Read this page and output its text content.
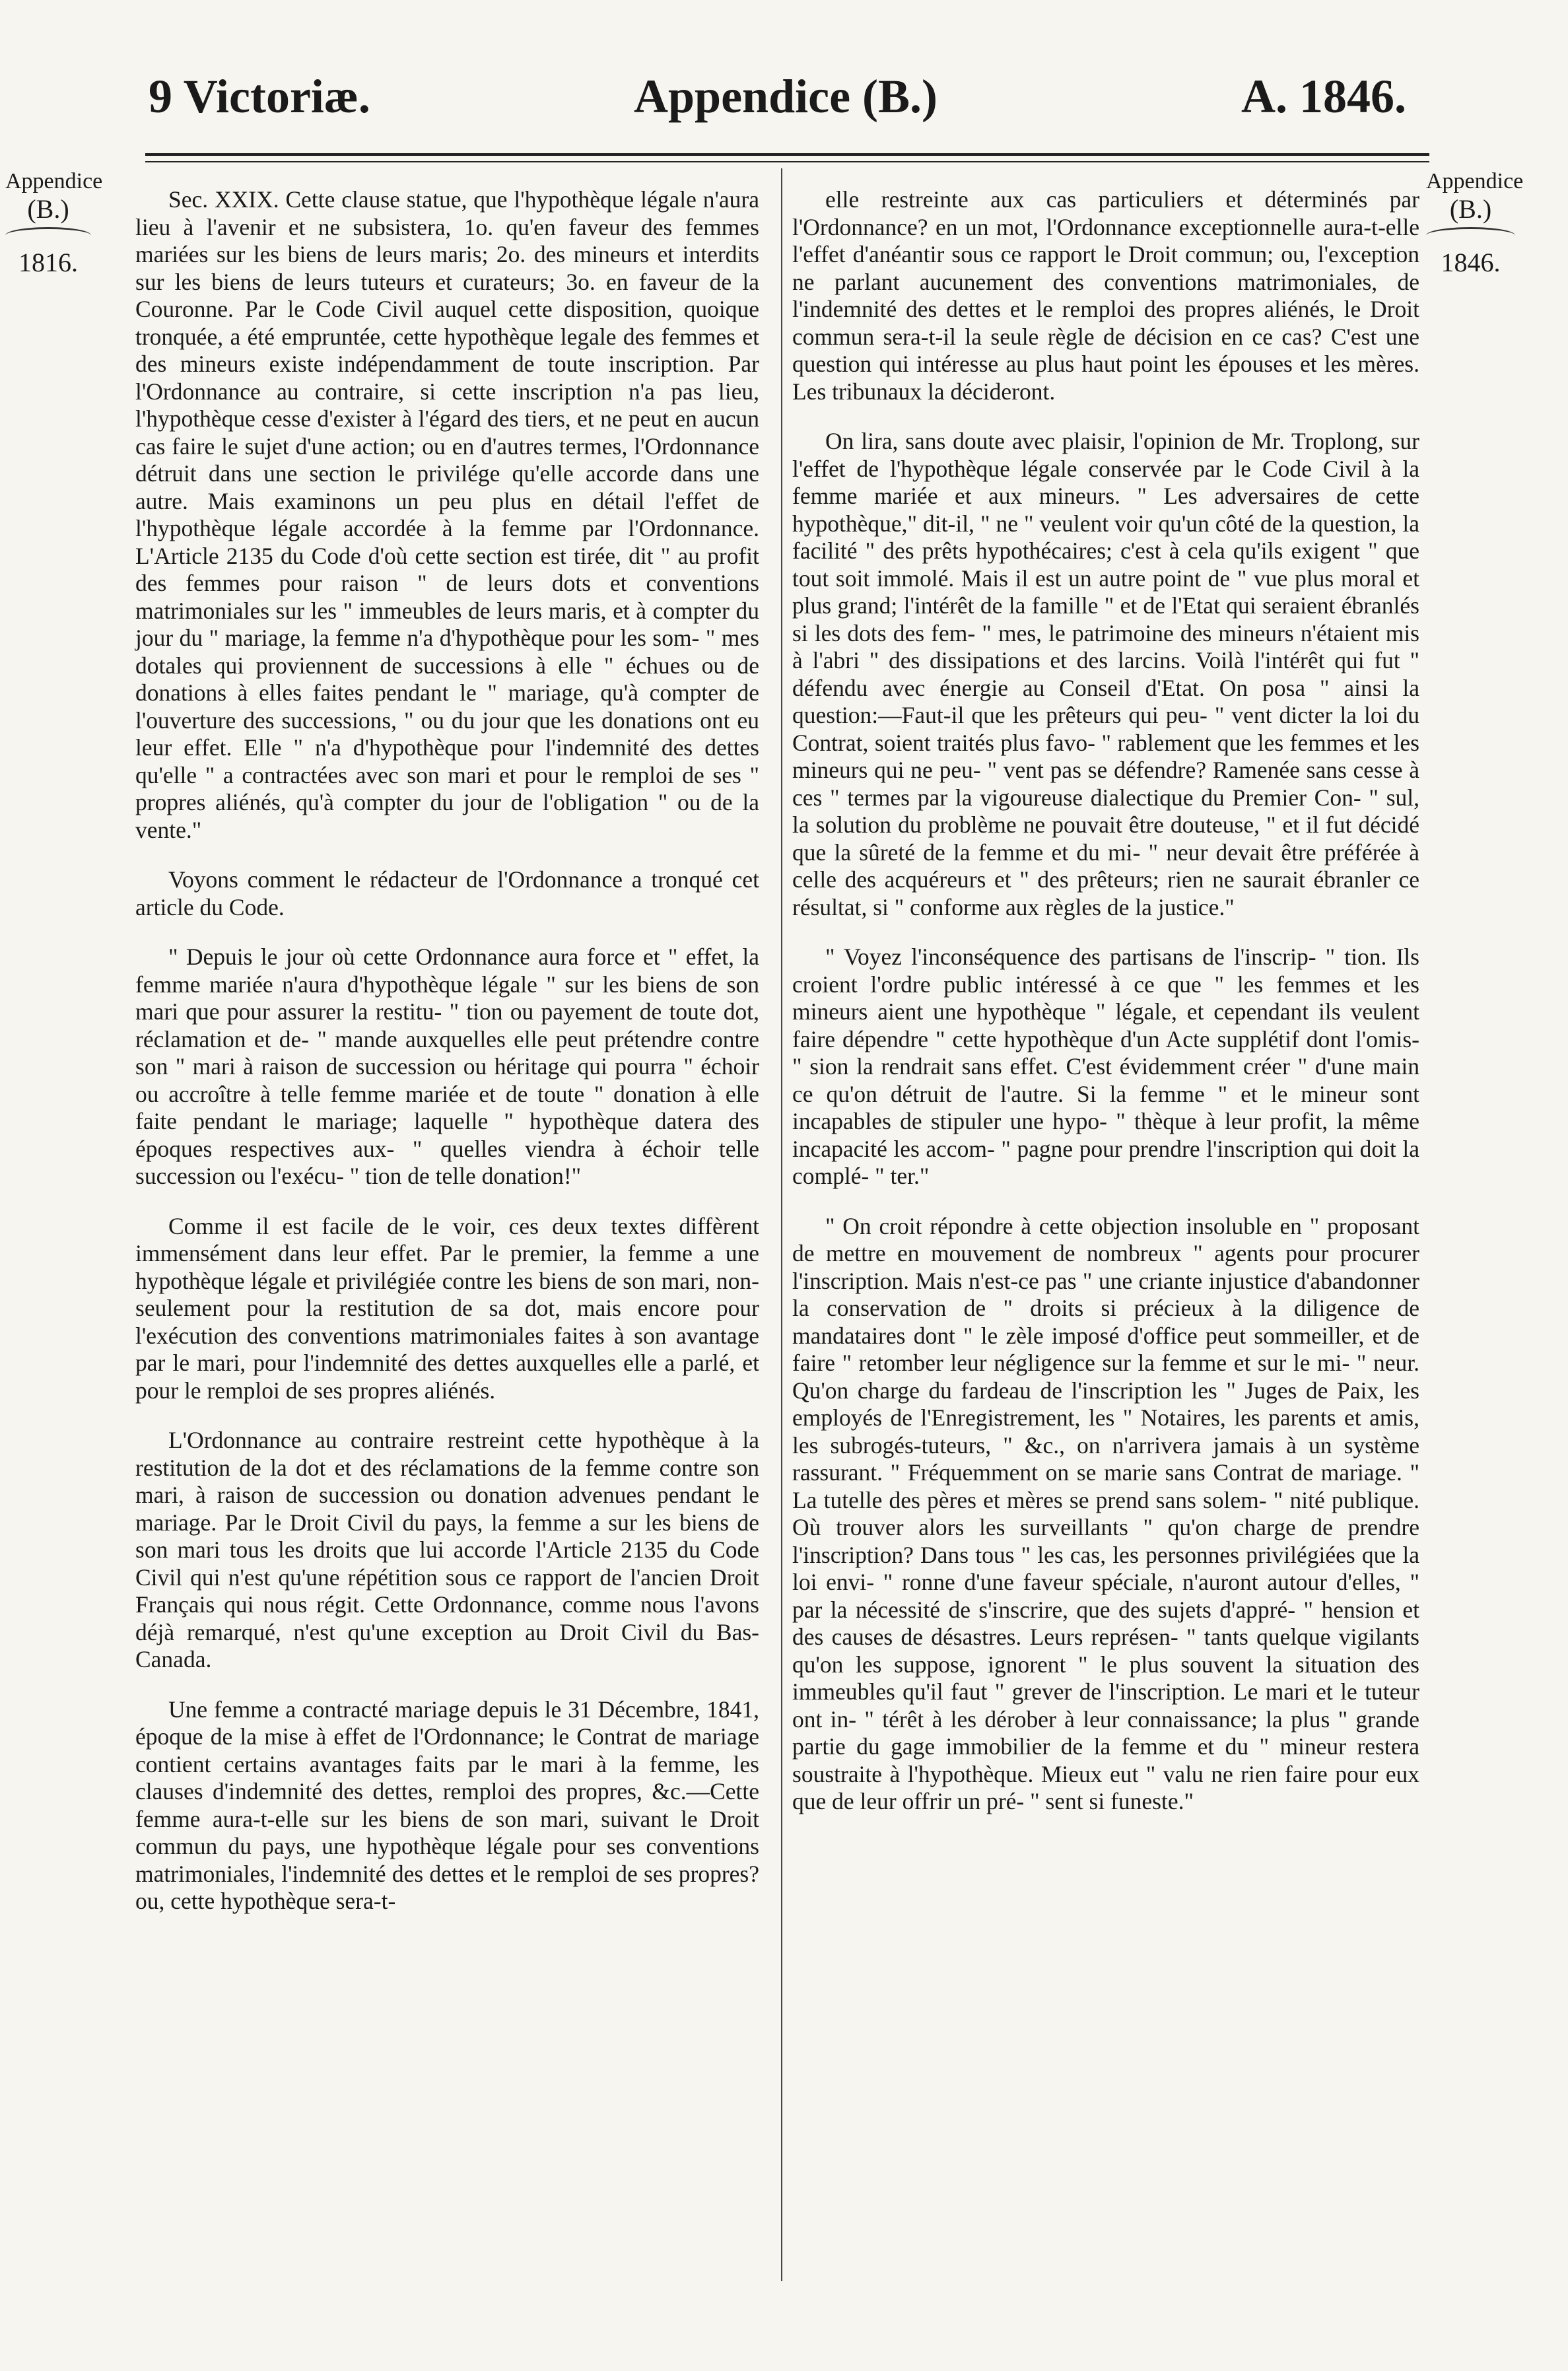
9 Victoriæ.	Appendice (B.)	A. 1846.
Appendice
(B.)
1816.
Appendice
(B.)
1846.

Sec. XXIX. Cette clause statue, que l'hypothèque légale n'aura lieu à l'avenir et ne subsistera, 1o. qu'en faveur des femmes mariées sur les biens de leurs maris; 2o. des mineurs et interdits sur les biens de leurs tuteurs et curateurs; 3o. en faveur de la Couronne. Par le Code Civil auquel cette disposition, quoique tronquée, a été empruntée, cette hypothèque legale des femmes et des mineurs existe indépendamment de toute inscription. Par l'Ordonnance au contraire, si cette inscription n'a pas lieu, l'hypothèque cesse d'exister à l'égard des tiers, et ne peut en aucun cas faire le sujet d'une action; ou en d'autres termes, l'Ordonnance détruit dans une section le privilége qu'elle accorde dans une autre. Mais examinons un peu plus en détail l'effet de l'hypothèque légale accordée à la femme par l'Ordonnance. L'Article 2135 du Code d'où cette section est tirée, dit " au profit des femmes pour raison " de leurs dots et conventions matrimoniales sur les " immeubles de leurs maris, et à compter du jour du " mariage, la femme n'a d'hypothèque pour les som- " mes dotales qui proviennent de successions à elle " échues ou de donations à elles faites pendant le " mariage, qu'à compter de l'ouverture des successions, " ou du jour que les donations ont eu leur effet. Elle " n'a d'hypothèque pour l'indemnité des dettes qu'elle " a contractées avec son mari et pour le remploi de ses " propres aliénés, qu'à compter du jour de l'obligation " ou de la vente."

Voyons comment le rédacteur de l'Ordonnance a tronqué cet article du Code.

" Depuis le jour où cette Ordonnance aura force et " effet, la femme mariée n'aura d'hypothèque légale " sur les biens de son mari que pour assurer la restitu- " tion ou payement de toute dot, réclamation et de- " mande auxquelles elle peut prétendre contre son " mari à raison de succession ou héritage qui pourra " échoir ou accroître à telle femme mariée et de toute " donation à elle faite pendant le mariage; laquelle " hypothèque datera des époques respectives aux- " quelles viendra à échoir telle succession ou l'exécu- " tion de telle donation!"

Comme il est facile de le voir, ces deux textes diffèrent immensément dans leur effet. Par le premier, la femme a une hypothèque légale et privilégiée contre les biens de son mari, non-seulement pour la restitution de sa dot, mais encore pour l'exécution des conventions matrimoniales faites à son avantage par le mari, pour l'indemnité des dettes auxquelles elle a parlé, et pour le remploi de ses propres aliénés.

L'Ordonnance au contraire restreint cette hypothèque à la restitution de la dot et des réclamations de la femme contre son mari, à raison de succession ou donation advenues pendant le mariage. Par le Droit Civil du pays, la femme a sur les biens de son mari tous les droits que lui accorde l'Article 2135 du Code Civil qui n'est qu'une répétition sous ce rapport de l'ancien Droit Français qui nous régit. Cette Ordonnance, comme nous l'avons déjà remarqué, n'est qu'une exception au Droit Civil du Bas-Canada.

Une femme a contracté mariage depuis le 31 Décembre, 1841, époque de la mise à effet de l'Ordonnance; le Contrat de mariage contient certains avantages faits par le mari à la femme, les clauses d'indemnité des dettes, remploi des propres, &c.—Cette femme aura-t-elle sur les biens de son mari, suivant le Droit commun du pays, une hypothèque légale pour ses conventions matrimoniales, l'indemnité des dettes et le remploi de ses propres? ou, cette hypothèque sera-t-

elle restreinte aux cas particuliers et déterminés par l'Ordonnance? en un mot, l'Ordonnance exceptionnelle aura-t-elle l'effet d'anéantir sous ce rapport le Droit commun; ou, l'exception ne parlant aucunement des conventions matrimoniales, de l'indemnité des dettes et le remploi des propres aliénés, le Droit commun sera-t-il la seule règle de décision en ce cas? C'est une question qui intéresse au plus haut point les épouses et les mères. Les tribunaux la décideront.

On lira, sans doute avec plaisir, l'opinion de Mr. Troplong, sur l'effet de l'hypothèque légale conservée par le Code Civil à la femme mariée et aux mineurs. " Les adversaires de cette hypothèque," dit-il, " ne " veulent voir qu'un côté de la question, la facilité " des prêts hypothécaires; c'est à cela qu'ils exigent " que tout soit immolé. Mais il est un autre point de " vue plus moral et plus grand; l'intérêt de la famille " et de l'Etat qui seraient ébranlés si les dots des fem- " mes, le patrimoine des mineurs n'étaient mis à l'abri " des dissipations et des larcins. Voilà l'intérêt qui fut " défendu avec énergie au Conseil d'Etat. On posa " ainsi la question:—Faut-il que les prêteurs qui peu- " vent dicter la loi du Contrat, soient traités plus favo- " rablement que les femmes et les mineurs qui ne peu- " vent pas se défendre? Ramenée sans cesse à ces " termes par la vigoureuse dialectique du Premier Con- " sul, la solution du problème ne pouvait être douteuse, " et il fut décidé que la sûreté de la femme et du mi- " neur devait être préférée à celle des acquéreurs et " des prêteurs; rien ne saurait ébranler ce résultat, si " conforme aux règles de la justice."

" Voyez l'inconséquence des partisans de l'inscrip- " tion. Ils croient l'ordre public intéressé à ce que " les femmes et les mineurs aient une hypothèque " légale, et cependant ils veulent faire dépendre " cette hypothèque d'un Acte supplétif dont l'omis- " sion la rendrait sans effet. C'est évidemment créer " d'une main ce qu'on détruit de l'autre. Si la femme " et le mineur sont incapables de stipuler une hypo- " thèque à leur profit, la même incapacité les accom- " pagne pour prendre l'inscription qui doit la complé- " ter."

" On croit répondre à cette objection insoluble en " proposant de mettre en mouvement de nombreux " agents pour procurer l'inscription. Mais n'est-ce pas " une criante injustice d'abandonner la conservation de " droits si précieux à la diligence de mandataires dont " le zèle imposé d'office peut sommeiller, et de faire " retomber leur négligence sur la femme et sur le mi- " neur. Qu'on charge du fardeau de l'inscription les " Juges de Paix, les employés de l'Enregistrement, les " Notaires, les parents et amis, les subrogés-tuteurs, " &c., on n'arrivera jamais à un système rassurant. " Fréquemment on se marie sans Contrat de mariage. " La tutelle des pères et mères se prend sans solem- " nité publique. Où trouver alors les surveillants " qu'on charge de prendre l'inscription? Dans tous " les cas, les personnes privilégiées que la loi envi- " ronne d'une faveur spéciale, n'auront autour d'elles, " par la nécessité de s'inscrire, que des sujets d'appré- " hension et des causes de désastres. Leurs représen- " tants quelque vigilants qu'on les suppose, ignorent " le plus souvent la situation des immeubles qu'il faut " grever de l'inscription. Le mari et le tuteur ont in- " térêt à les dérober à leur connaissance; la plus " grande partie du gage immobilier de la femme et du " mineur restera soustraite à l'hypothèque. Mieux eut " valu ne rien faire pour eux que de leur offrir un pré- " sent si funeste."
